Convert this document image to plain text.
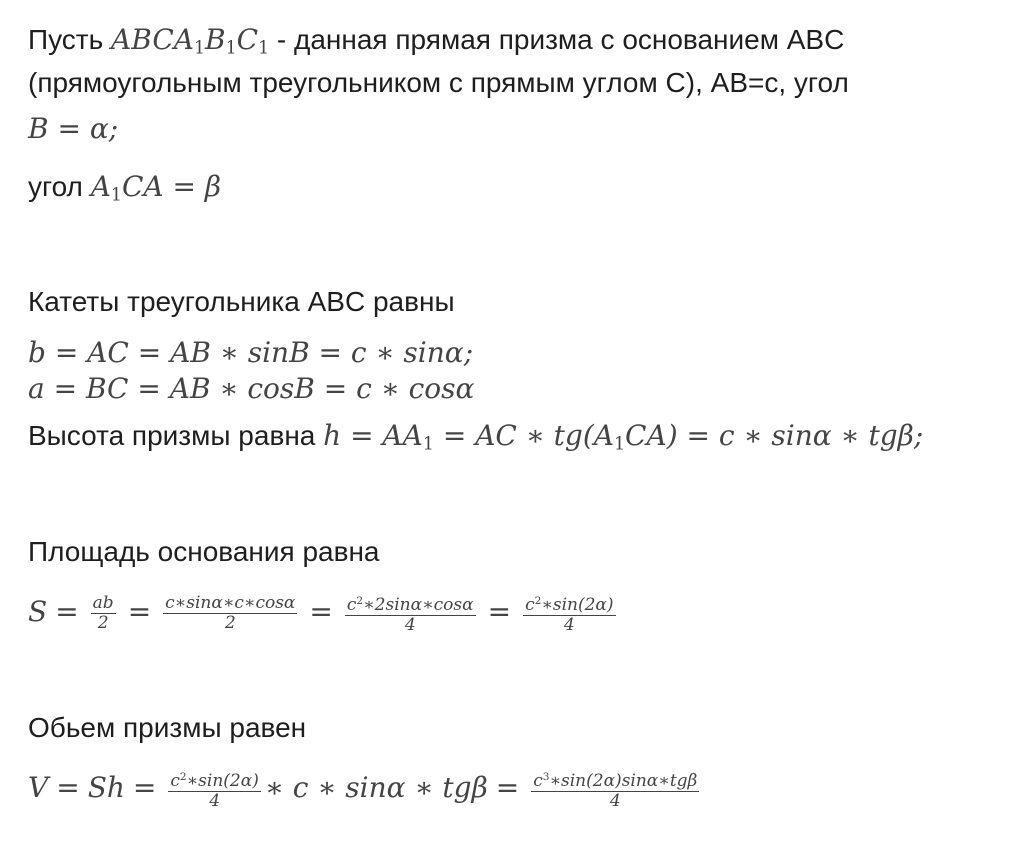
Пусть $ABCA_1B_1C_1$ - данная прямая призма с основанием ABC
(прямоугольным треугольником с прямым углом С), AB=c, угол
B = α;
угол $A_1CA = \beta$
Катеты треугольника ABC равны
b = AC = AB ∗ sinB = c ∗ sinα;
a = BC = AB ∗ cosB = c ∗ cosα
Высота призмы равна $h = AA_1$ = AC ∗ $tg(A_1CA) = c$ ∗ sinα ∗ tgβ;
Площадь основания равна
$S = \frac{ab}{2} = \frac{c∗\sin\alpha∗c∗\cos\alpha}{2} = \frac{c^2∗2\sin\alpha∗\cos\alpha}{4} = \frac{c^2∗\sin(2\alpha)}{4}$
Обьем призмы равен
$V = Sh = \frac{c^2∗\sin(2\alpha)}{4}$ ∗ c ∗ sinα ∗ $tg\beta = \frac{c^3∗\sin(2\alpha)\sin\alpha∗tg\beta}{4}$
